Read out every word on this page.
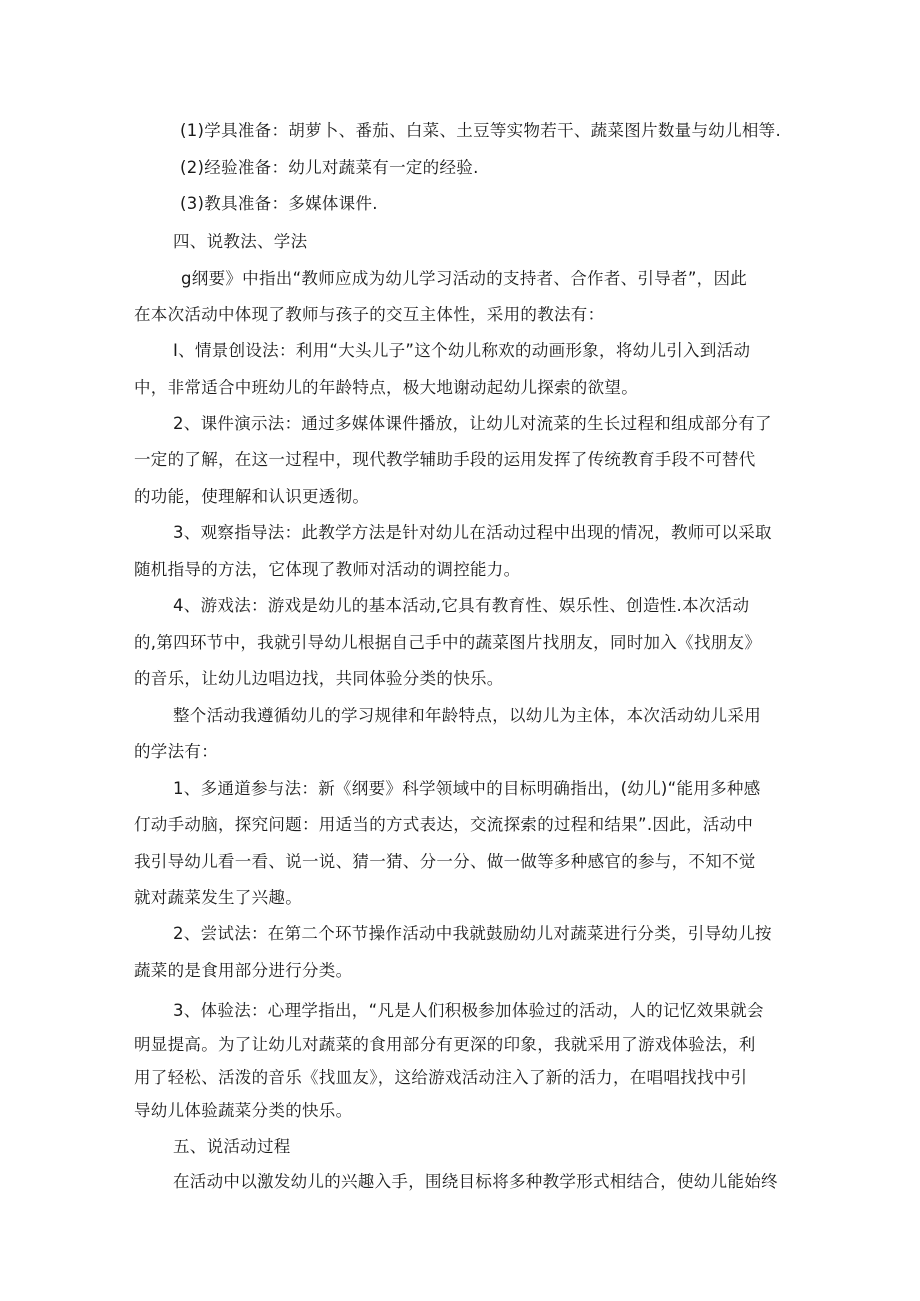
(1)学具准备：胡萝卜、番茄、白菜、土豆等实物若干、蔬菜图片数量与幼儿相等.

(2)经验准备：幼儿对蔬菜有一定的经验.

(3)教具准备：多媒体课件.

四、说教法、学法

g纲要》中指出“教师应成为幼儿学习活动的支持者、合作者、引导者”，因此

在本次活动中体现了教师与孩子的交互主体性，采用的教法有：

I、情景创设法：利用“大头儿子”这个幼儿称欢的动画形象，将幼儿引入到活动

中，非常适合中班幼儿的年龄特点，极大地谢动起幼儿探索的欲望。

2、课件演示法：通过多媒体课件播放，让幼儿对流菜的生长过程和组成部分有了

一定的了解，在这一过程中，现代教学辅助手段的运用发挥了传统教育手段不可替代

的功能，使理解和认识更透彻。

3、观察指导法：此教学方法是针对幼儿在活动过程中出现的情况，教师可以采取

随机指导的方法，它体现了教师对活动的调控能力。

4、游戏法：游戏是幼儿的基本活动,它具有教育性、娱乐性、创造性.本次活动

的,第四环节中，我就引导幼儿根据自己手中的蔬菜图片找朋友，同时加入《找朋友》

的音乐，让幼儿边唱边找，共同体验分类的快乐。

整个活动我遵循幼儿的学习规律和年龄特点，以幼儿为主体，本次活动幼儿采用

的学法有：

1、多通道参与法：新《纲要》科学领域中的目标明确指出，(幼儿)“能用多种感

仃动手动脑，探究问题：用适当的方式表达，交流探索的过程和结果”.因此，活动中

我引导幼儿看一看、说一说、猜一猜、分一分、做一做等多种感官的参与，不知不觉

就对蔬菜发生了兴趣。

2、尝试法：在第二个环节操作活动中我就鼓励幼儿对蔬菜进行分类，引导幼儿按

蔬菜的是食用部分进行分类。

3、体验法：心理学指出，“凡是人们积极参加体验过的活动，人的记忆效果就会

明显提高。为了让幼儿对蔬菜的食用部分有更深的印象，我就采用了游戏体验法，利

用了轻松、活泼的音乐《找皿友》，这给游戏活动注入了新的活力，在唱唱找找中引

导幼儿体验蔬菜分类的快乐。

五、说活动过程

在活动中以激发幼儿的兴趣入手，围绕目标将多种教学形式相结合，使幼儿能始终
